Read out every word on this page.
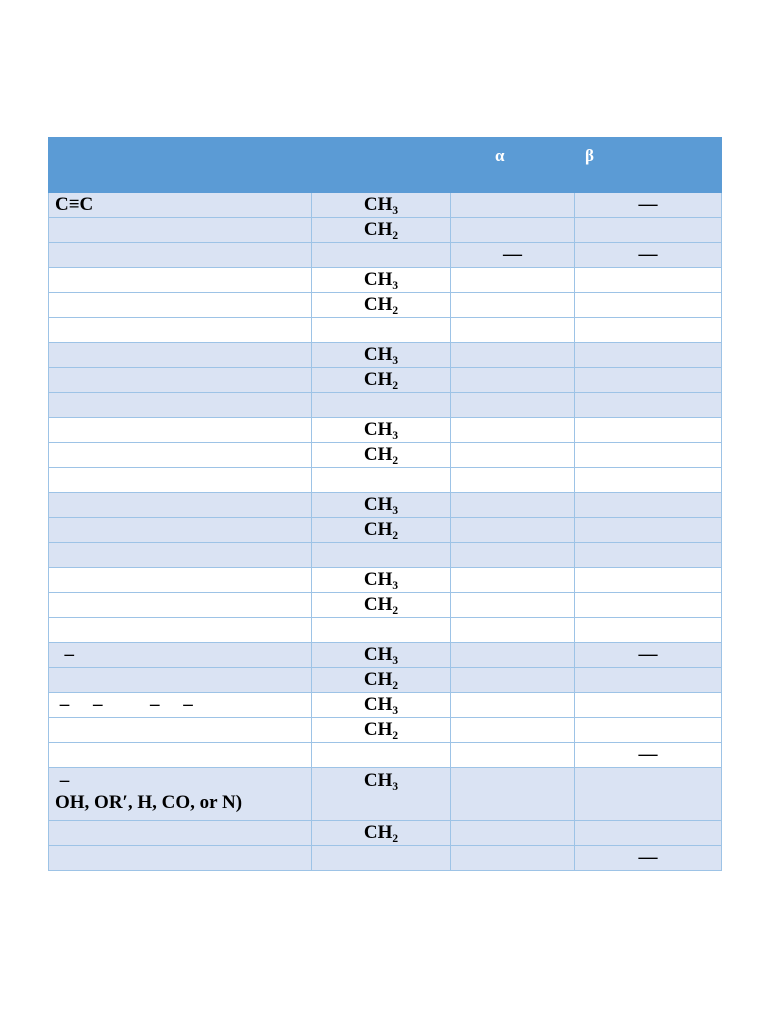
		α	β

C≡C	CH₃		—
	CH₂		
		—	—
	CH₃		
	CH₂		

	CH₃		
	CH₂		

	CH₃		
	CH₂		

	CH₃		
	CH₂		

	CH₃		
	CH₂		

–	CH₃		—
	CH₂		
–     –          –     –	CH₃		
	CH₂		
			—

–
OH, OR′, H, CO, or N)	CH₃		
	CH₂		
			—
